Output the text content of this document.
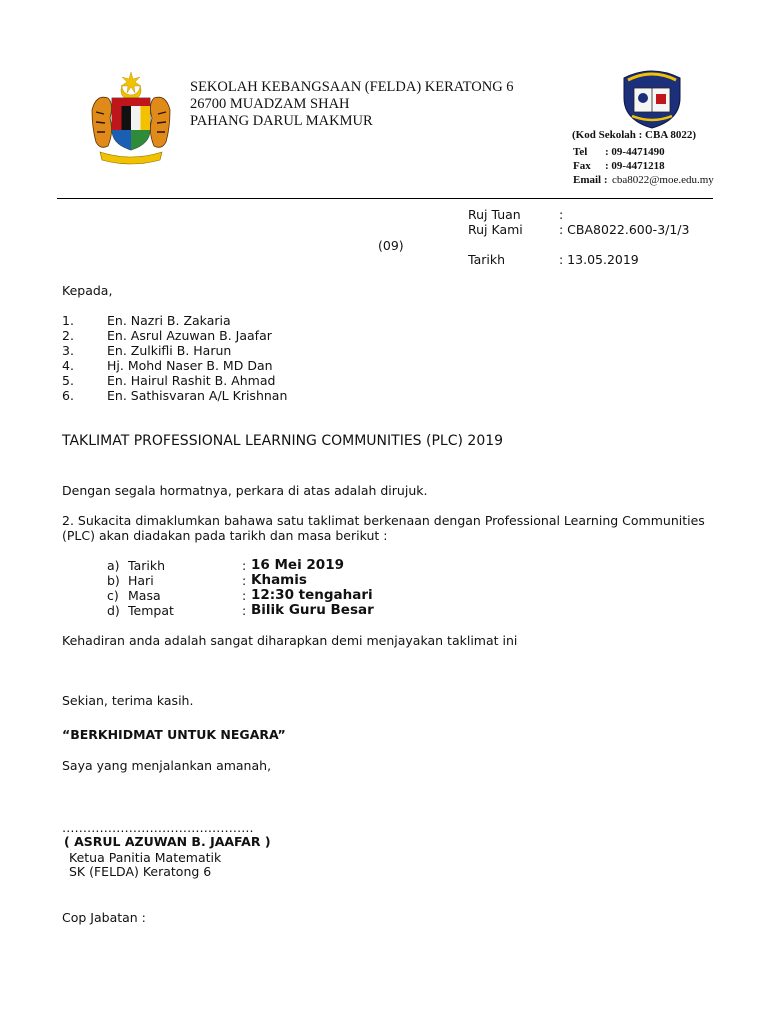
SEKOLAH KEBANGSAAN (FELDA) KERATONG 6
26700 MUADZAM SHAH
PAHANG DARUL MAKMUR
(Kod Sekolah : CBA 8022)
Tel : 09-4471490
Fax : 09-4471218
Email : cba8022@moe.edu.my
Ruj Tuan	:
Ruj Kami	: CBA8022.600-3/1/3
(09)
Tarikh	: 13.05.2019
Kepada,
1.	En. Nazri B. Zakaria
2.	En. Asrul Azuwan B. Jaafar
3.	En. Zulkifli B. Harun
4.	Hj. Mohd Naser B. MD Dan
5.	En. Hairul Rashit B. Ahmad
6.	En. Sathisvaran A/L Krishnan
TAKLIMAT PROFESSIONAL LEARNING COMMUNITIES (PLC) 2019
Dengan segala hormatnya, perkara di atas adalah dirujuk.
2. Sukacita dimaklumkan bahawa satu taklimat berkenaan dengan Professional Learning Communities
(PLC) akan diadakan pada tarikh dan masa berikut :
a) Tarikh	: 16 Mei 2019
b) Hari	: Khamis
c) Masa	: 12:30 tengahari
d) Tempat	: Bilik Guru Besar
Kehadiran anda adalah sangat diharapkan demi menjayakan taklimat ini
Sekian, terima kasih.
“BERKHIDMAT UNTUK NEGARA”
Saya yang menjalankan amanah,
……………………………………….
( ASRUL AZUWAN B. JAAFAR )
Ketua Panitia Matematik
SK (FELDA) Keratong 6
Cop Jabatan :
